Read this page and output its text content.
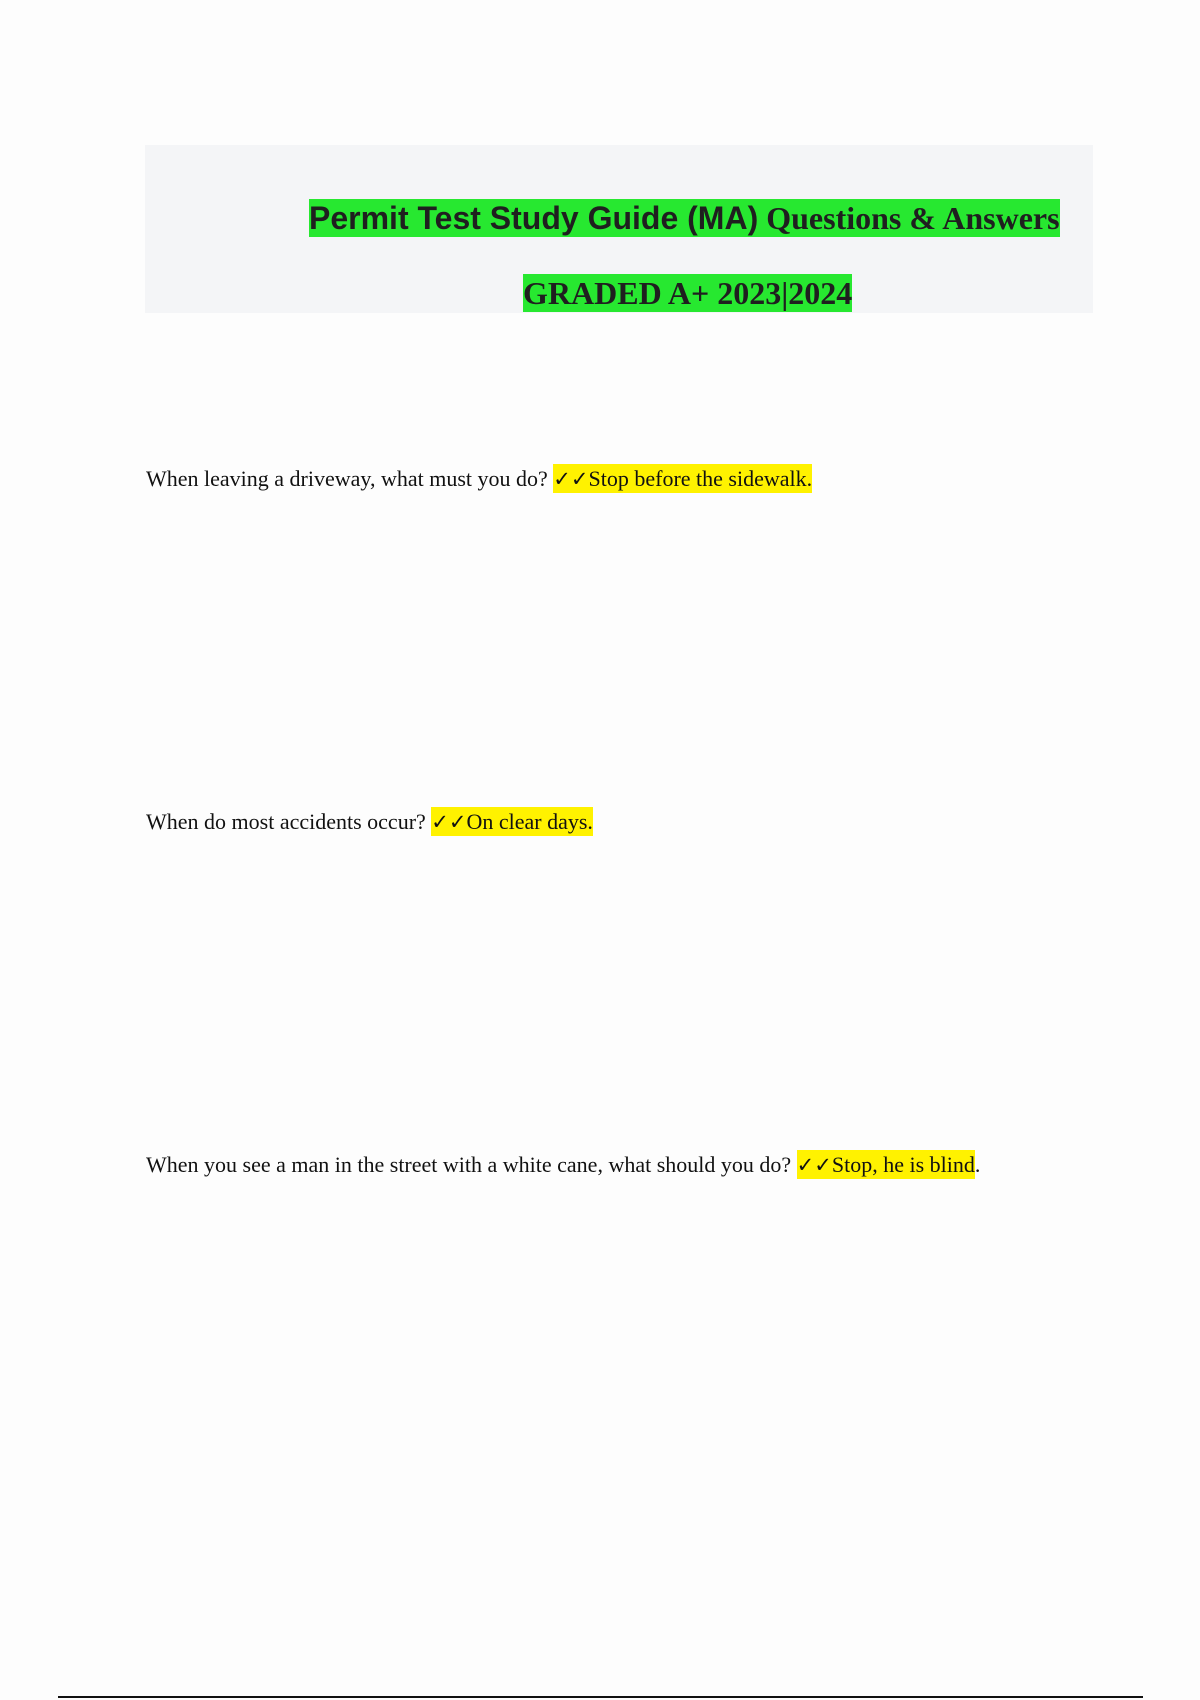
Permit Test Study Guide (MA) Questions & Answers
GRADED A+ 2023|2024
When leaving a driveway, what must you do? ✓✓Stop before the sidewalk.
When do most accidents occur? ✓✓On clear days.
When you see a man in the street with a white cane, what should you do? ✓✓Stop, he is blind.
